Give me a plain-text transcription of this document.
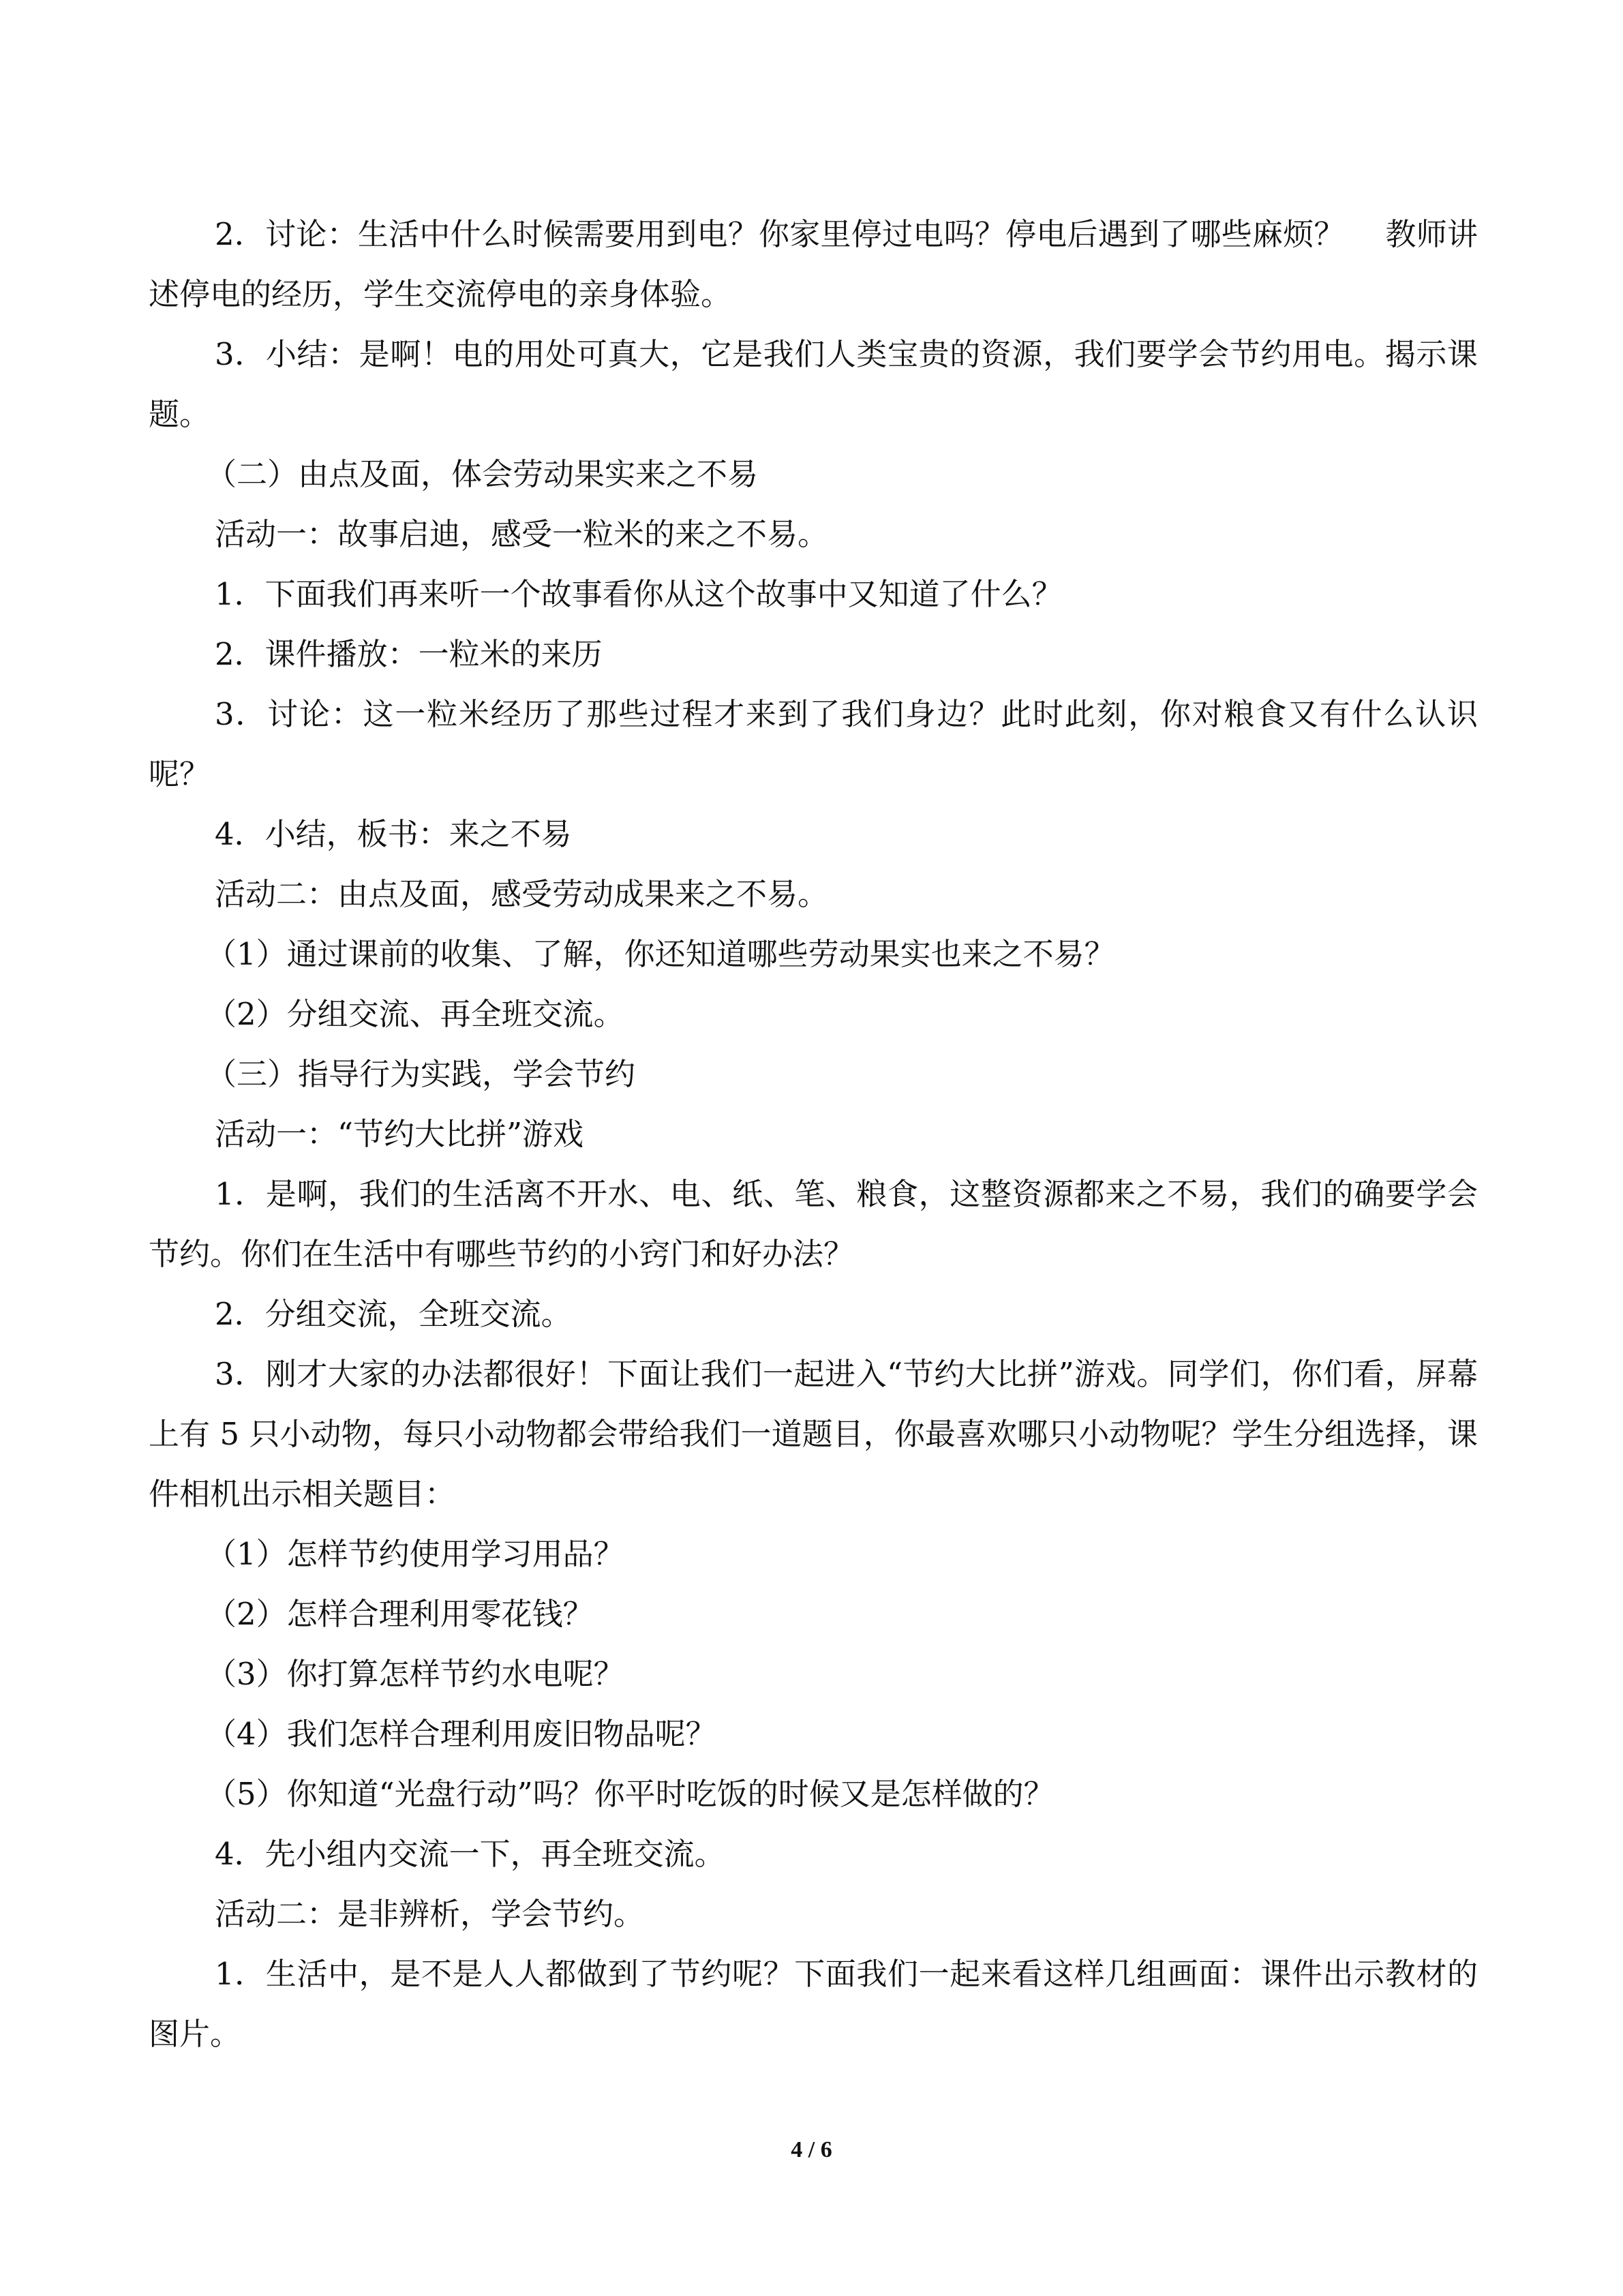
2．讨论：生活中什么时候需要用到电？你家里停过电吗？停电后遇到了哪些麻烦？　 教师讲述停电的经历，学生交流停电的亲身体验。

3．小结：是啊！电的用处可真大，它是我们人类宝贵的资源，我们要学会节约用电。揭示课题。

（二）由点及面，体会劳动果实来之不易

活动一：故事启迪，感受一粒米的来之不易。

1．下面我们再来听一个故事看你从这个故事中又知道了什么？

2．课件播放：一粒米的来历

3．讨论：这一粒米经历了那些过程才来到了我们身边？此时此刻，你对粮食又有什么认识呢？

4．小结，板书：来之不易

活动二：由点及面，感受劳动成果来之不易。

（1）通过课前的收集、了解，你还知道哪些劳动果实也来之不易？

（2）分组交流、再全班交流。

（三）指导行为实践，学会节约

活动一：“节约大比拼”游戏

1．是啊，我们的生活离不开水、电、纸、笔、粮食，这整资源都来之不易，我们的确要学会节约。你们在生活中有哪些节约的小窍门和好办法？

2．分组交流，全班交流。

3．刚才大家的办法都很好！下面让我们一起进入“节约大比拼”游戏。同学们，你们看，屏幕上有 5 只小动物，每只小动物都会带给我们一道题目，你最喜欢哪只小动物呢？学生分组选择，课件相机出示相关题目：

（1）怎样节约使用学习用品？

（2）怎样合理利用零花钱？

（3）你打算怎样节约水电呢？

（4）我们怎样合理利用废旧物品呢？

（5）你知道“光盘行动”吗？你平时吃饭的时候又是怎样做的？

4．先小组内交流一下，再全班交流。

活动二：是非辨析，学会节约。

1．生活中，是不是人人都做到了节约呢？下面我们一起来看这样几组画面：课件出示教材的图片。

4 / 6
